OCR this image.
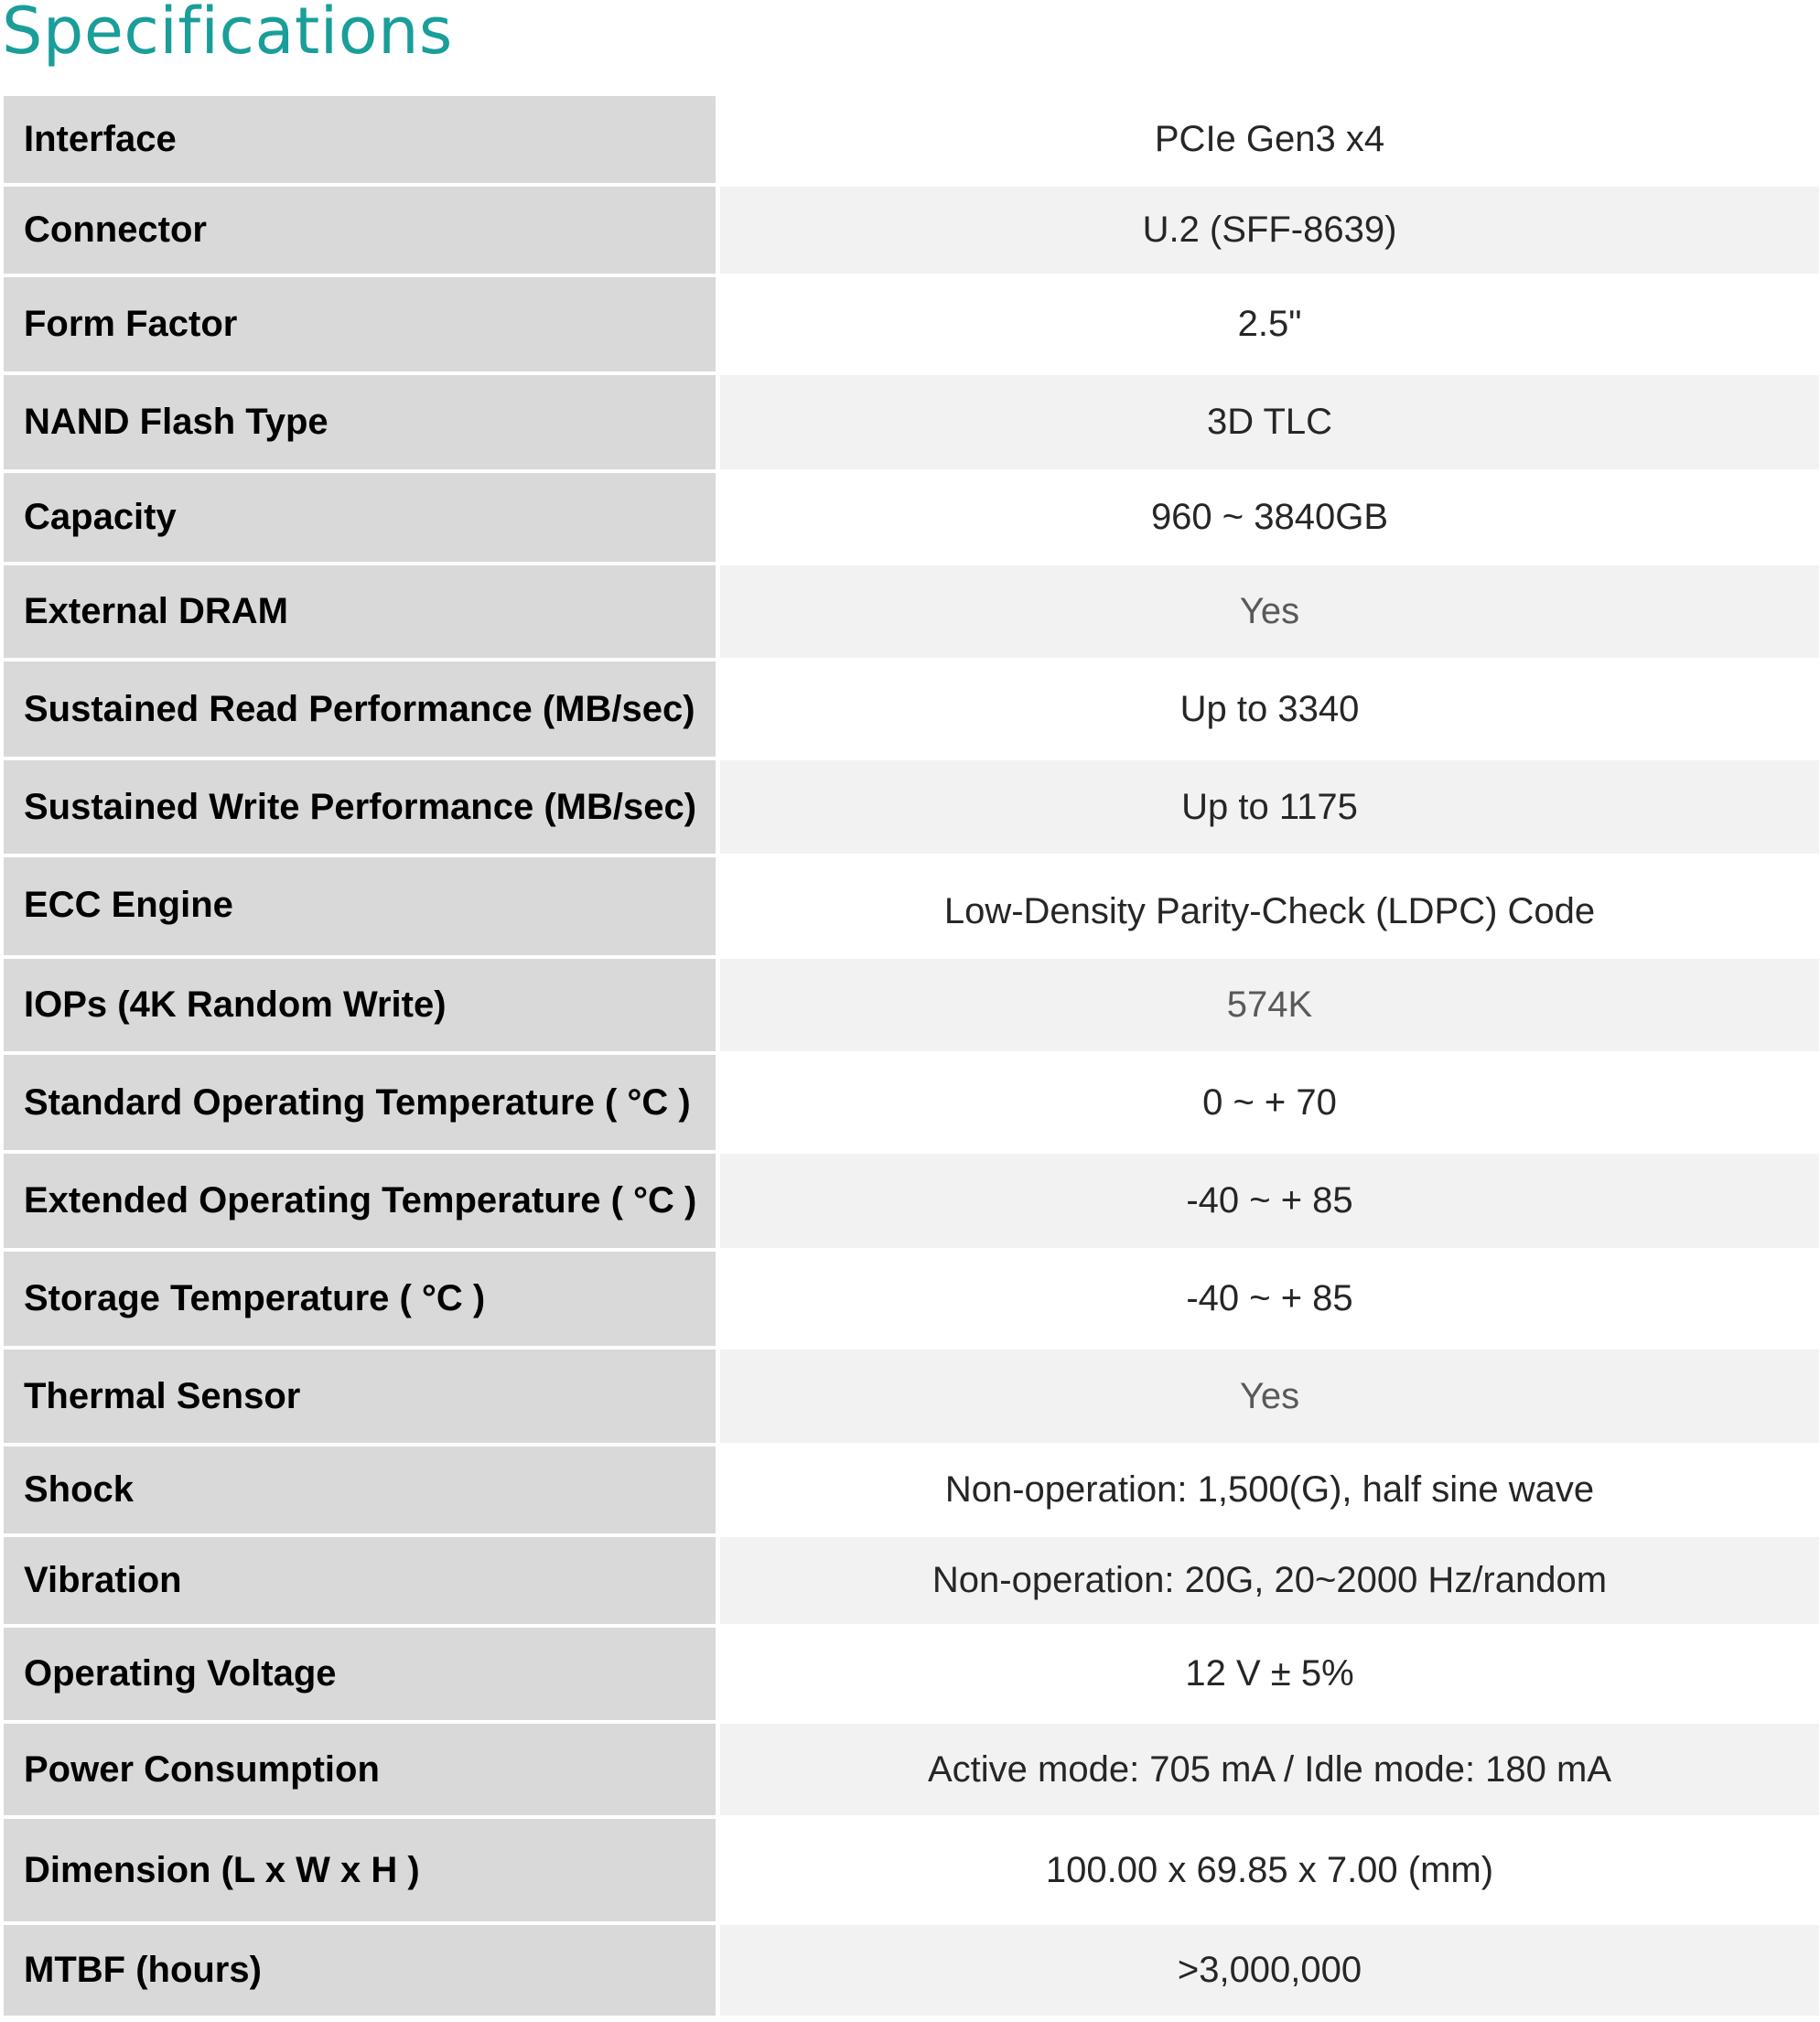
Specifications
Interface		PCIe Gen3 x4
Connector		U.2 (SFF-8639)
Form Factor		2.5"
NAND Flash Type		3D TLC
Capacity		960 ~ 3840GB
External DRAM		Yes
Sustained Read Performance (MB/sec)		Up to 3340
Sustained Write Performance (MB/sec)		Up to 1175
ECC Engine		Low-Density Parity-Check (LDPC) Code
IOPs (4K Random Write)		574K
Standard Operating Temperature ( °C )		0 ~ + 70
Extended Operating Temperature ( °C )		-40 ~ + 85
Storage Temperature ( °C )		-40 ~ + 85
Thermal Sensor		Yes
Shock		Non-operation: 1,500(G), half sine wave
Vibration		Non-operation: 20G, 20~2000 Hz/random
Operating Voltage		12 V ± 5%
Power Consumption		Active mode: 705 mA / Idle mode: 180 mA
Dimension (L x W x H )		100.00 x 69.85 x 7.00 (mm)
MTBF (hours)		>3,000,000
